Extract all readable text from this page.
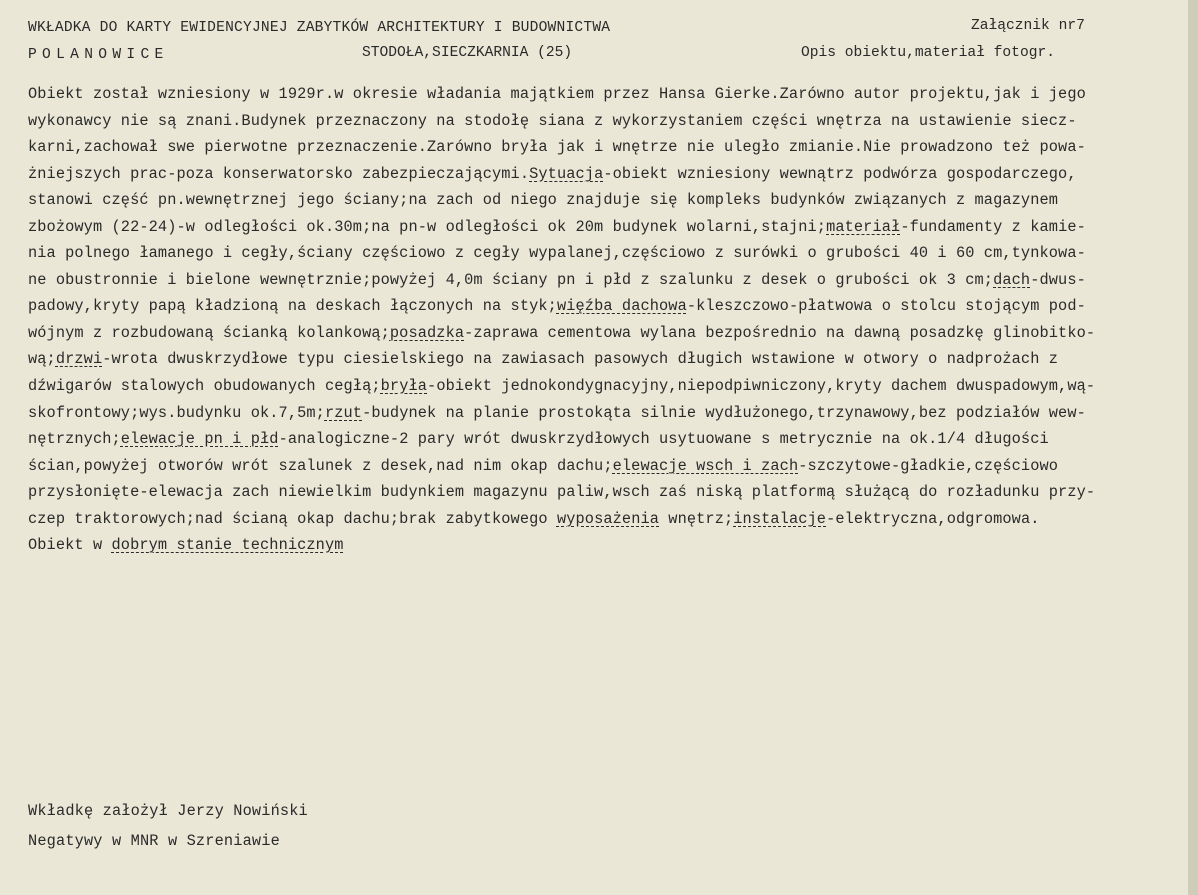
WKŁADKA DO KARTY EWIDENCYJNEJ ZABYTKÓW ARCHITEKTURY I BUDOWNICTWA	Załącznik nr7
POLANOWICE	STODOŁA,SIECZKARNIA (25)	Opis obiektu,materiał fotogr.
Obiekt został wzniesiony w 1929r.w okresie władania majątkiem przez Hansa Gierke.Zarówno autor projektu,jak i jego
wykonawcy nie są znani.Budynek przeznaczony na stodołę siana z wykorzystaniem części wnętrza na ustawienie siecz-
karni,zachował swe pierwotne przeznaczenie.Zarówno bryła jak i wnętrze nie uległo zmianie.Nie prowadzono też powa-
żniejszych prac-poza konserwatorsko zabezpieczającymi.Sytuacja-obiekt wzniesiony wewnątrz podwórza gospodarczego,
stanowi część pn.wewnętrznej jego ściany;na zach od niego znajduje się kompleks budynków związanych z magazynem
zbożowym (22-24)-w odległości ok.30m;na pn-w odległości ok 20m budynek wolarni,stajni;materiał-fundamenty z kamie-
nia polnego łamanego i cegły,ściany częściowo z cegły wypalanej,częściowo z surówki o grubości 40 i 60 cm,tynkowa-
ne obustronnie i bielone wewnętrznie;powyżej 4,0m ściany pn i płd z szalunku z desek o grubości ok 3 cm;dach-dwus-
padowy,kryty papą kładzioną na deskach łączonych na styk;więźba dachowa-kleszczowo-płatwowa o stolcu stojącym pod-
wójnym z rozbudowaną ścianką kolankową;posadzka-zaprawa cementowa wylana bezpośrednio na dawną posadzkę glinobitko-
wą;drzwi-wrota dwuskrzydłowe typu ciesielskiego na zawiasach pasowych długich wstawione w otwory o nadprożach z
dźwigarów stalowych obudowanych cegłą;bryła-obiekt jednokondygnacyjny,niepodpiwniczony,kryty dachem dwuspadowym,wą-
skofrontowy;wys.budynku ok.7,5m;rzut-budynek na planie prostokąta silnie wydłużonego,trzynawowy,bez podziałów wew-
nętrznych;elewacje pn i płd-analogiczne-2 pary wrót dwuskrzydłowych usytuowane s metrycznie na ok.1/4 długości
ścian,powyżej otworów wrót szalunek z desek,nad nim okap dachu;elewacje wsch i zach-szczytowe-gładkie,częściowo
przysłonięte-elewacja zach niewielkim budynkiem magazynu paliw,wsch zaś niską platformą służącą do rozładunku przy-
czep traktorowych;nad ścianą okap dachu;brak zabytkowego wyposażenia wnętrz;instalacje-elektryczna,odgromowa.
Obiekt w dobrym stanie technicznym
Wkładkę założył Jerzy Nowiński
Negatywy w MNR w Szreniawie
